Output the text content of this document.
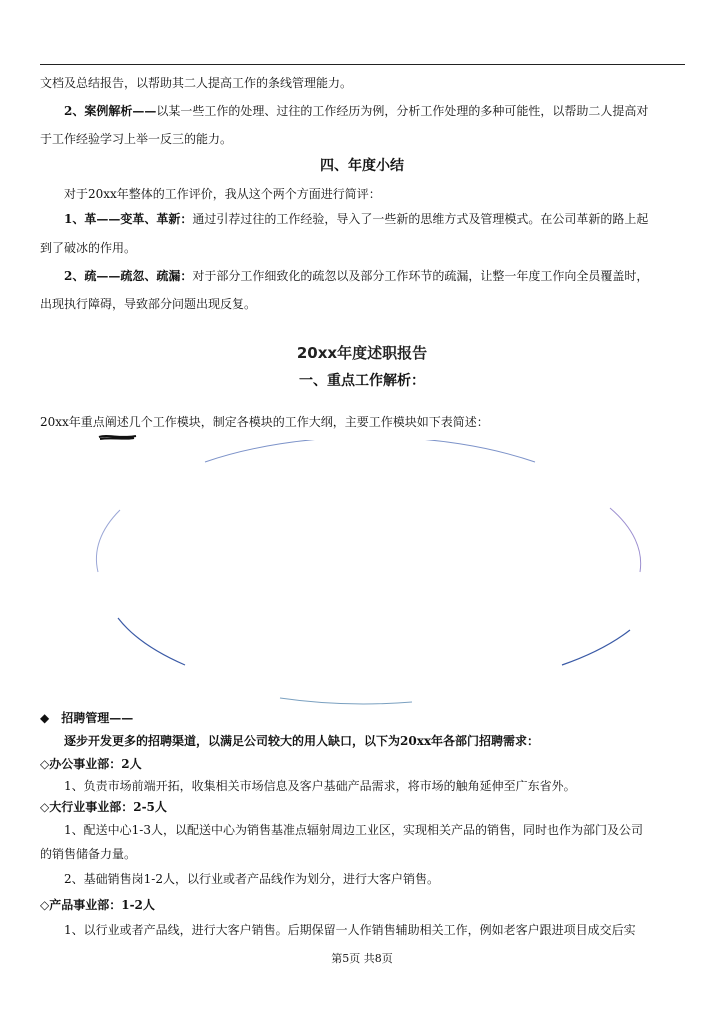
文档及总结报告，以帮助其二人提高工作的条线管理能力。
2、案例解析——以某一些工作的处理、过往的工作经历为例，分析工作处理的多种可能性，以帮助二人提高对
于工作经验学习上举一反三的能力。
四、年度小结
对于20xx年整体的工作评价，我从这个两个方面进行简评：
1、革——变革、革新：通过引荐过往的工作经验，导入了一些新的思维方式及管理模式。在公司革新的路上起
到了破冰的作用。
2、疏——疏忽、疏漏：对于部分工作细致化的疏忽以及部分工作环节的疏漏，让整一年度工作向全员覆盖时，
出现执行障碍，导致部分问题出现反复。
20xx年度述职报告
一、重点工作解析：
20xx年重点阐述几个工作模块，制定各模块的工作大纲，主要工作模块如下表简述：
◆　招聘管理——
逐步开发更多的招聘渠道，以满足公司较大的用人缺口，以下为20xx年各部门招聘需求：
◇办公事业部：2人
1、负责市场前端开拓，收集相关市场信息及客户基础产品需求，将市场的触角延伸至广东省外。
◇大行业事业部：2-5人
1、配送中心1-3人，以配送中心为销售基准点辐射周边工业区，实现相关产品的销售，同时也作为部门及公司
的销售储备力量。
2、基础销售岗1-2人，以行业或者产品线作为划分，进行大客户销售。
◇产品事业部：1-2人
1、以行业或者产品线，进行大客户销售。后期保留一人作销售辅助相关工作，例如老客户跟进项目成交后实
第5页 共8页
